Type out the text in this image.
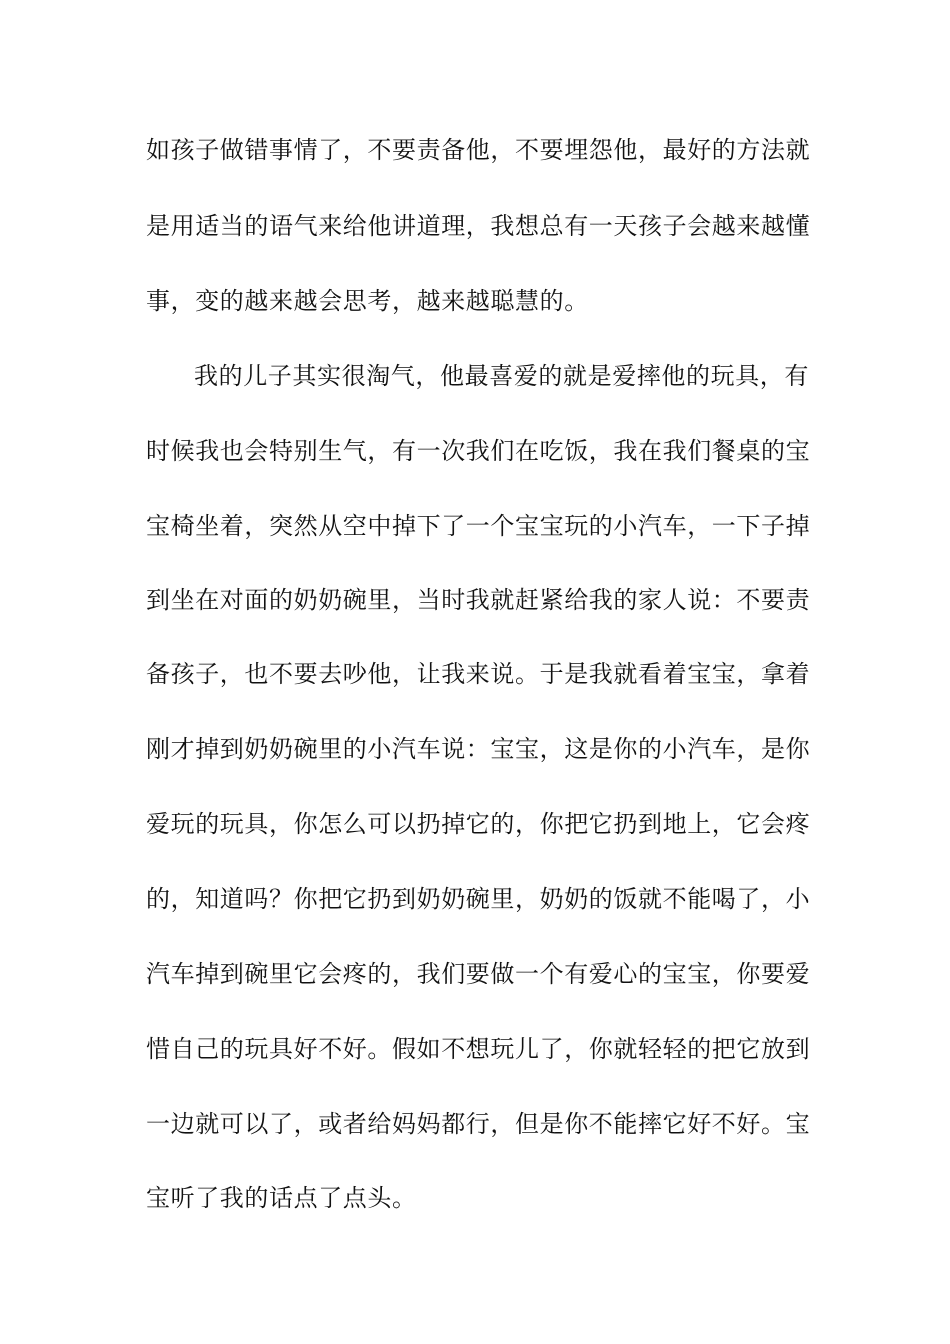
如孩子做错事情了，不要责备他，不要埋怨他，最好的方法就
是用适当的语气来给他讲道理，我想总有一天孩子会越来越懂
事，变的越来越会思考，越来越聪慧的。
我的儿子其实很淘气，他最喜爱的就是爱摔他的玩具，有
时候我也会特别生气，有一次我们在吃饭，我在我们餐桌的宝
宝椅坐着，突然从空中掉下了一个宝宝玩的小汽车，一下子掉
到坐在对面的奶奶碗里，当时我就赶紧给我的家人说：不要责
备孩子，也不要去吵他，让我来说。于是我就看着宝宝，拿着
刚才掉到奶奶碗里的小汽车说：宝宝，这是你的小汽车，是你
爱玩的玩具，你怎么可以扔掉它的，你把它扔到地上，它会疼
的，知道吗？你把它扔到奶奶碗里，奶奶的饭就不能喝了，小
汽车掉到碗里它会疼的，我们要做一个有爱心的宝宝，你要爱
惜自己的玩具好不好。假如不想玩儿了，你就轻轻的把它放到
一边就可以了，或者给妈妈都行，但是你不能摔它好不好。宝
宝听了我的话点了点头。
